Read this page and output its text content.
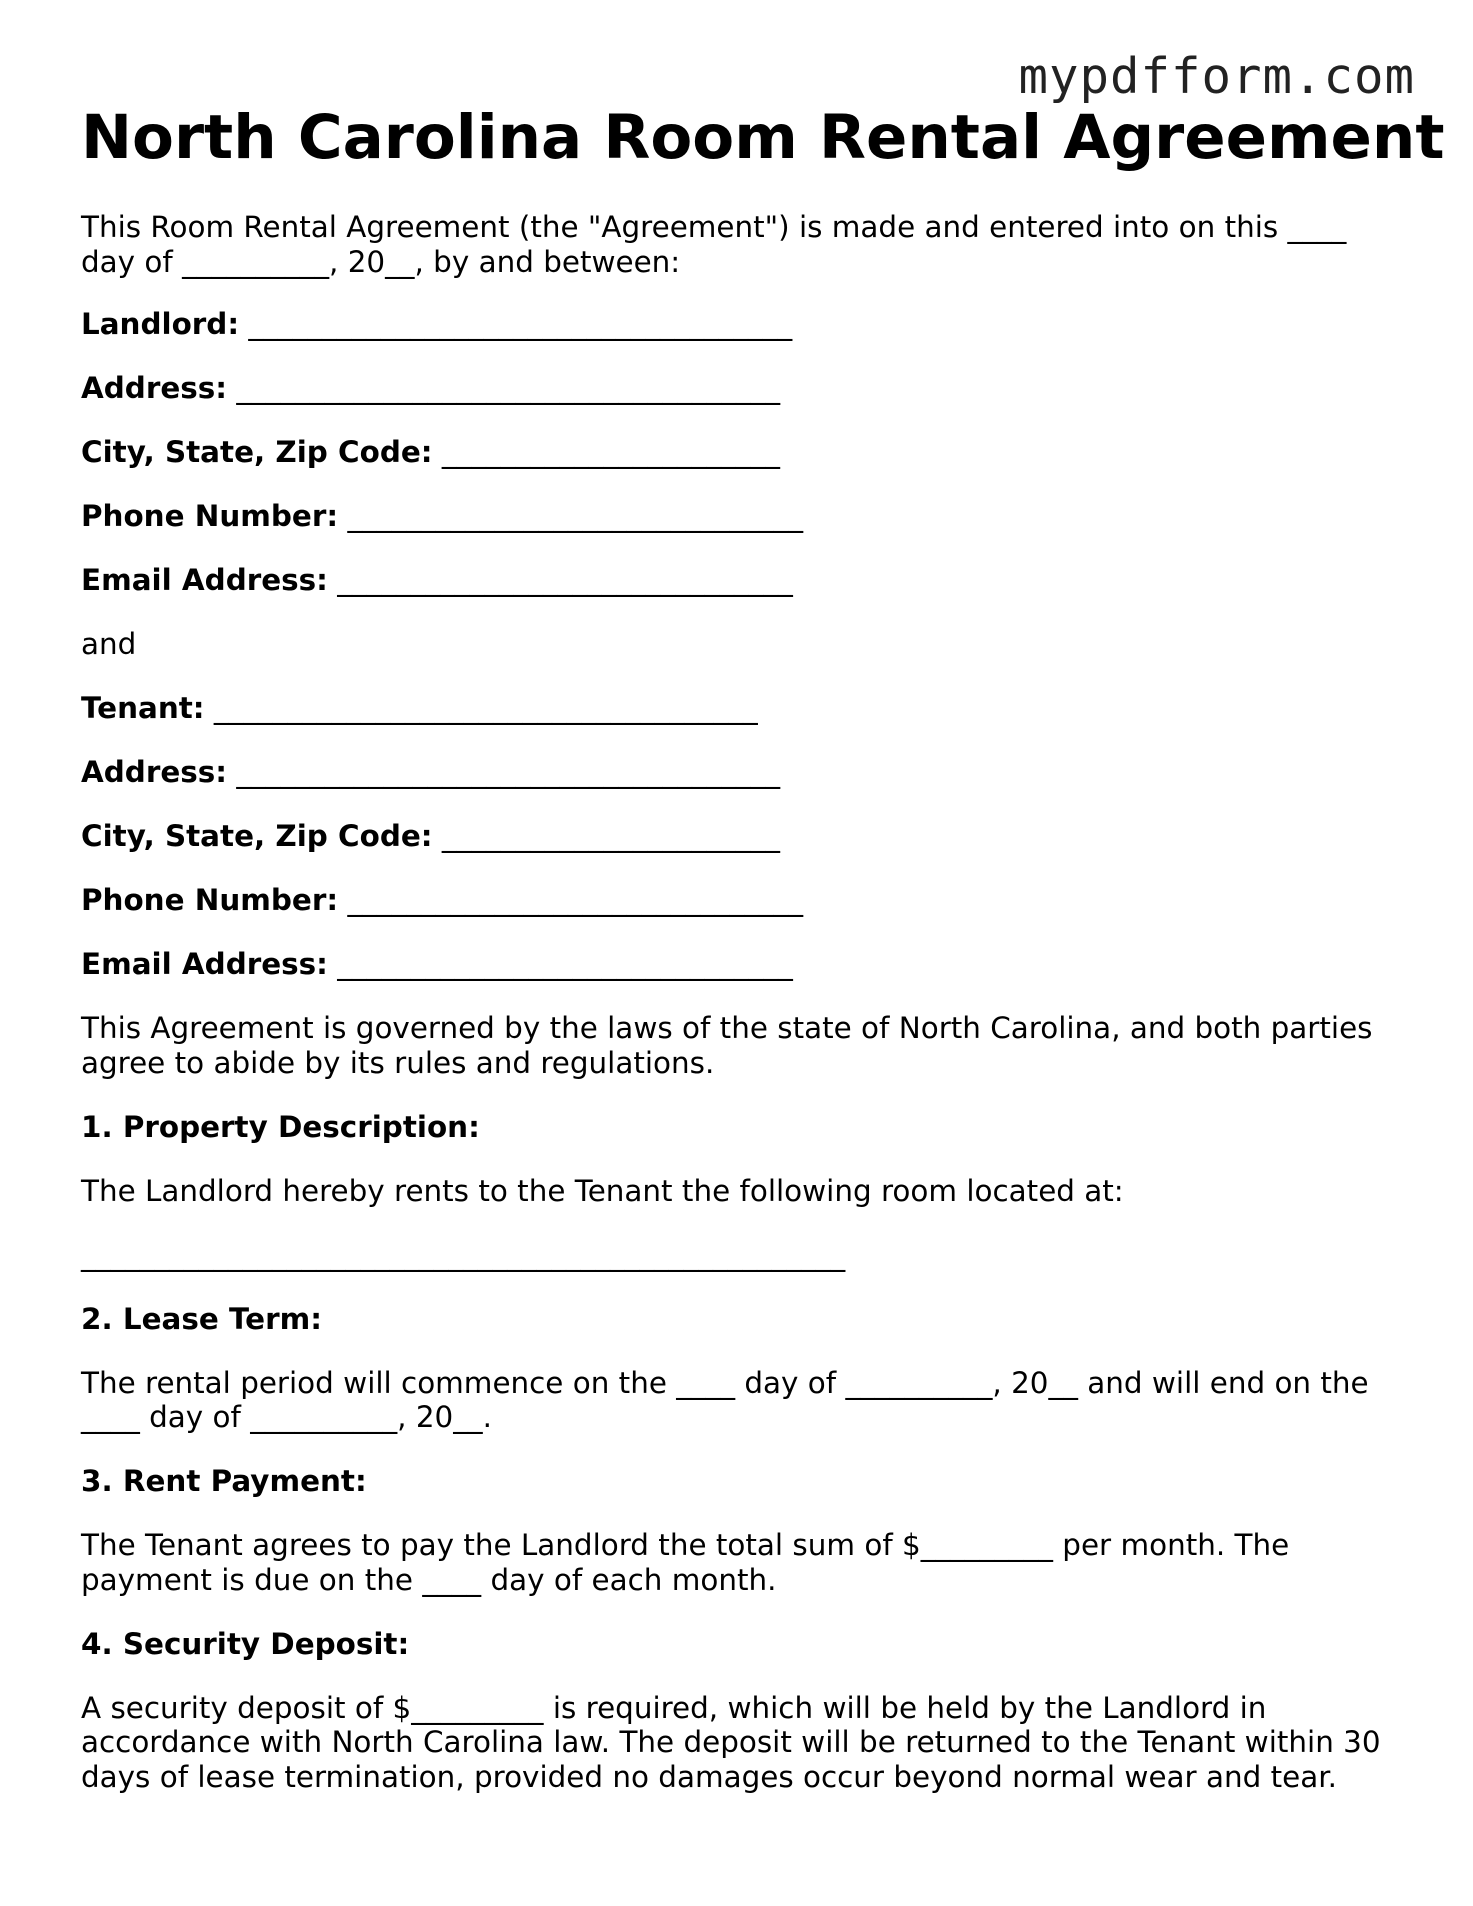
mypdfform.com
North Carolina Room Rental Agreement

This Room Rental Agreement (the "Agreement") is made and entered into on this ____ day of __________, 20__, by and between:

Landlord: _____________________________________
Address: _____________________________________
City, State, Zip Code: _______________________
Phone Number: _______________________________
Email Address: _______________________________

and

Tenant: _____________________________________
Address: _____________________________________
City, State, Zip Code: _______________________
Phone Number: _______________________________
Email Address: _______________________________

This Agreement is governed by the laws of the state of North Carolina, and both parties agree to abide by its rules and regulations.

1. Property Description:

The Landlord hereby rents to the Tenant the following room located at:

____________________________________________________

2. Lease Term:

The rental period will commence on the ____ day of __________, 20__ and will end on the ____ day of __________, 20__.

3. Rent Payment:

The Tenant agrees to pay the Landlord the total sum of $_________ per month. The payment is due on the ____ day of each month.

4. Security Deposit:

A security deposit of $_________ is required, which will be held by the Landlord in accordance with North Carolina law. The deposit will be returned to the Tenant within 30 days of lease termination, provided no damages occur beyond normal wear and tear.
